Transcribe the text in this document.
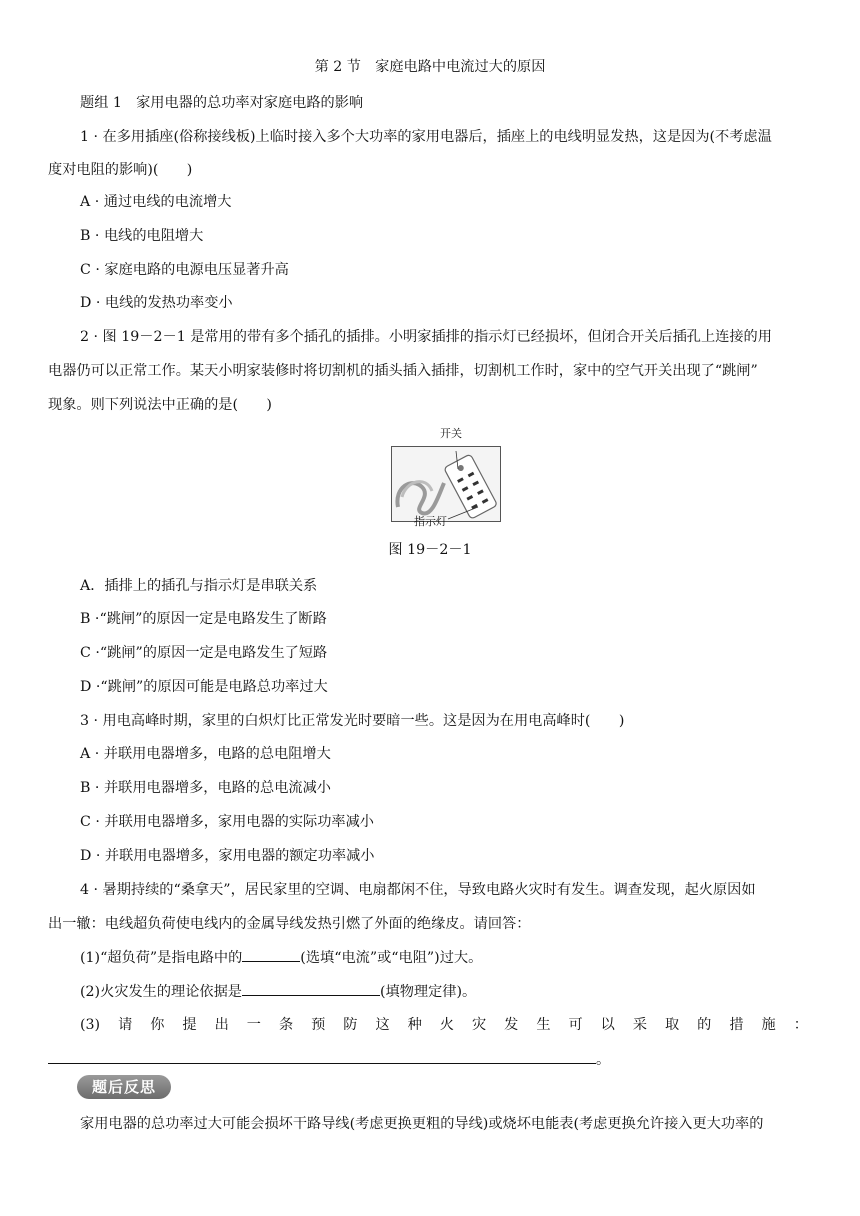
第 2 节　家庭电路中电流过大的原因
题组 1　家用电器的总功率对家庭电路的影响
1 · 在多用插座(俗称接线板)上临时接入多个大功率的家用电器后，插座上的电线明显发热，这是因为(不考虑温
度对电阻的影响)(　　)
A · 通过电线的电流增大
B · 电线的电阻增大
C · 家庭电路的电源电压显著升高
D · 电线的发热功率变小
2 · 图 19－2－1 是常用的带有多个插孔的插排。小明家插排的指示灯已经损坏，但闭合开关后插孔上连接的用
电器仍可以正常工作。某天小明家装修时将切割机的插头插入插排，切割机工作时，家中的空气开关出现了“跳闸”
现象。则下列说法中正确的是(　　)
开关
指示灯
图 19－2－1
A．插排上的插孔与指示灯是串联关系
B ·“跳闸”的原因一定是电路发生了断路
C ·“跳闸”的原因一定是电路发生了短路
D ·“跳闸”的原因可能是电路总功率过大
3 · 用电高峰时期，家里的白炽灯比正常发光时要暗一些。这是因为在用电高峰时(　　)
A · 并联用电器增多，电路的总电阻增大
B · 并联用电器增多，电路的总电流减小
C · 并联用电器增多，家用电器的实际功率减小
D · 并联用电器增多，家用电器的额定功率减小
4 · 暑期持续的“桑拿天”，居民家里的空调、电扇都闲不住，导致电路火灾时有发生。调查发现，起火原因如
出一辙：电线超负荷使电线内的金属导线发热引燃了外面的绝缘皮。请回答：
(1)“超负荷”是指电路中的	(选填“电流”或“电阻”)过大。
(2)火灾发生的理论依据是	(填物理定律)。
(3) 请 你 提 出 一 条 预 防 这 种 火 灾 发 生 可 以 采 取 的 措 施 ：
。
题后反思
家用电器的总功率过大可能会损坏干路导线(考虑更换更粗的导线)或烧坏电能表(考虑更换允许接入更大功率的
